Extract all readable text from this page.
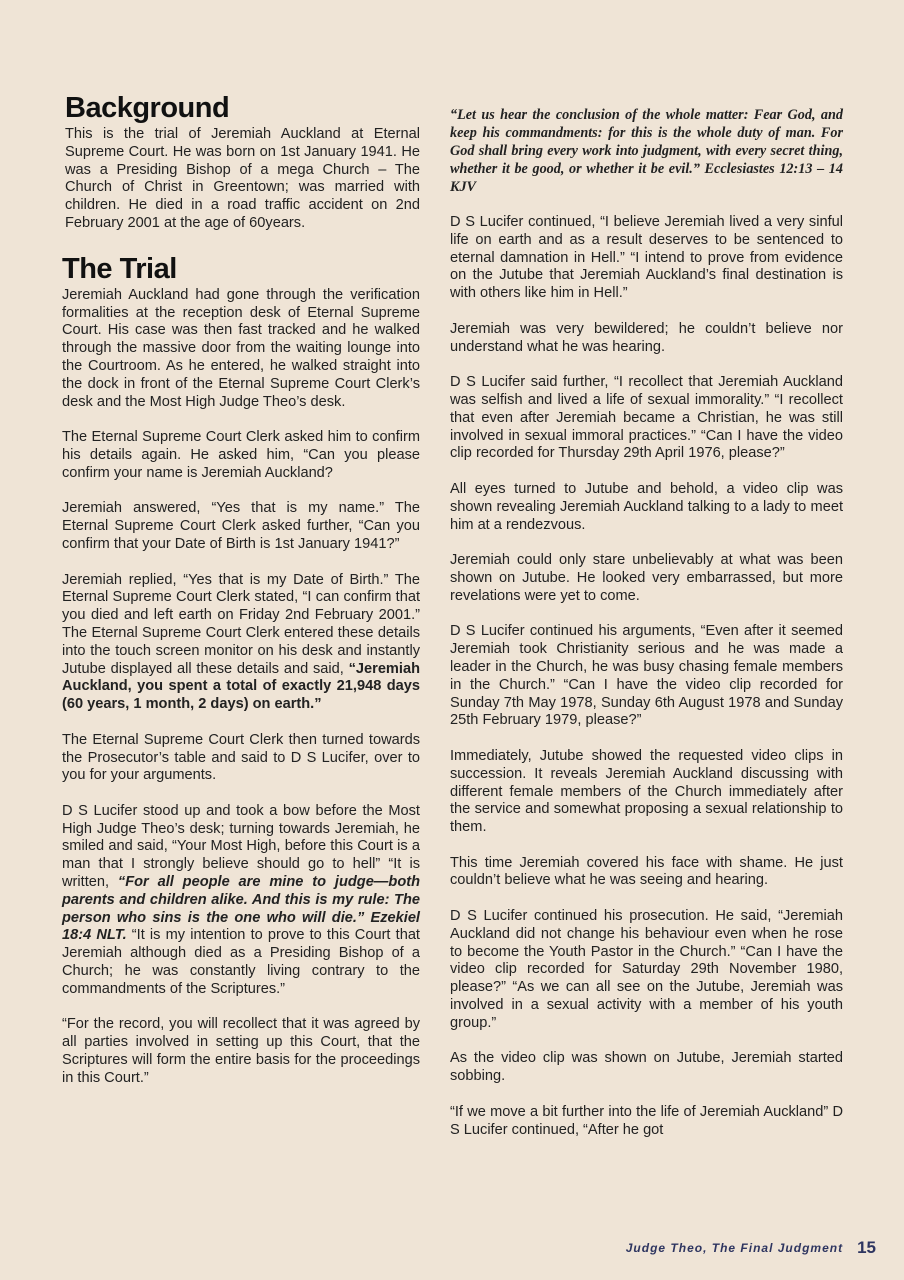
Background

This is the trial of Jeremiah Auckland at Eternal Supreme Court. He was born on 1st January 1941. He was a Presiding Bishop of a mega Church – The Church of Christ in Greentown; was married with children. He died in a road traffic accident on 2nd February 2001 at the age of 60years.

The Trial

Jeremiah Auckland had gone through the verification formalities at the reception desk of Eternal Supreme Court. His case was then fast tracked and he walked through the massive door from the waiting lounge into the Courtroom. As he entered, he walked straight into the dock in front of the Eternal Supreme Court Clerk’s desk and the Most High Judge Theo’s desk.

The Eternal Supreme Court Clerk asked him to confirm his details again. He asked him, “Can you please confirm your name is Jeremiah Auckland?

Jeremiah answered, “Yes that is my name.” The Eternal Supreme Court Clerk asked further, “Can you confirm that your Date of Birth is 1st January 1941?”

Jeremiah replied, “Yes that is my Date of Birth.” The Eternal Supreme Court Clerk stated, “I can confirm that you died and left earth on Friday 2nd February 2001.” The Eternal Supreme Court Clerk entered these details into the touch screen monitor on his desk and instantly Jutube displayed all these details and said, “Jeremiah Auckland, you spent a total of exactly 21,948 days (60 years, 1 month, 2 days) on earth.”

The Eternal Supreme Court Clerk then turned towards the Prosecutor’s table and said to D S Lucifer, over to you for your arguments.

D S Lucifer stood up and took a bow before the Most High Judge Theo’s desk; turning towards Jeremiah, he smiled and said, “Your Most High, before this Court is a man that I strongly believe should go to hell” “It is written, “For all people are mine to judge—both parents and children alike. And this is my rule: The person who sins is the one who will die.” Ezekiel 18:4 NLT. “It is my intention to prove to this Court that Jeremiah although died as a Presiding Bishop of a Church; he was constantly living contrary to the commandments of the Scriptures.”

“For the record, you will recollect that it was agreed by all parties involved in setting up this Court, that the Scriptures will form the entire basis for the proceedings in this Court.”

“Let us hear the conclusion of the whole matter: Fear God, and keep his commandments: for this is the whole duty of man. For God shall bring every work into judgment, with every secret thing, whether it be good, or whether it be evil.” Ecclesiastes 12:13 – 14 KJV

D S Lucifer continued, “I believe Jeremiah lived a very sinful life on earth and as a result deserves to be sentenced to eternal damnation in Hell.” “I intend to prove from evidence on the Jutube that Jeremiah Auckland’s final destination is with others like him in Hell.”

Jeremiah was very bewildered; he couldn’t believe nor understand what he was hearing.

D S Lucifer said further, “I recollect that Jeremiah Auckland was selfish and lived a life of sexual immorality.” “I recollect that even after Jeremiah became a Christian, he was still involved in sexual immoral practices.” “Can I have the video clip recorded for Thursday 29th April 1976, please?”

All eyes turned to Jutube and behold, a video clip was shown revealing Jeremiah Auckland talking to a lady to meet him at a rendezvous.

Jeremiah could only stare unbelievably at what was been shown on Jutube. He looked very embarrassed, but more revelations were yet to come.

D S Lucifer continued his arguments, “Even after it seemed Jeremiah took Christianity serious and he was made a leader in the Church, he was busy chasing female members in the Church.” “Can I have the video clip recorded for Sunday 7th May 1978, Sunday 6th August 1978 and Sunday 25th February 1979, please?”

Immediately, Jutube showed the requested video clips in succession. It reveals Jeremiah Auckland discussing with different female members of the Church immediately after the service and somewhat proposing a sexual relationship to them.

This time Jeremiah covered his face with shame. He just couldn’t believe what he was seeing and hearing.

D S Lucifer continued his prosecution. He said, “Jeremiah Auckland did not change his behaviour even when he rose to become the Youth Pastor in the Church.” “Can I have the video clip recorded for Saturday 29th November 1980, please?” “As we can all see on the Jutube, Jeremiah was involved in a sexual activity with a member of his youth group.”

As the video clip was shown on Jutube, Jeremiah started sobbing.

“If we move a bit further into the life of Jeremiah Auckland” D S Lucifer continued, “After he got

Judge Theo, The Final Judgment 15
